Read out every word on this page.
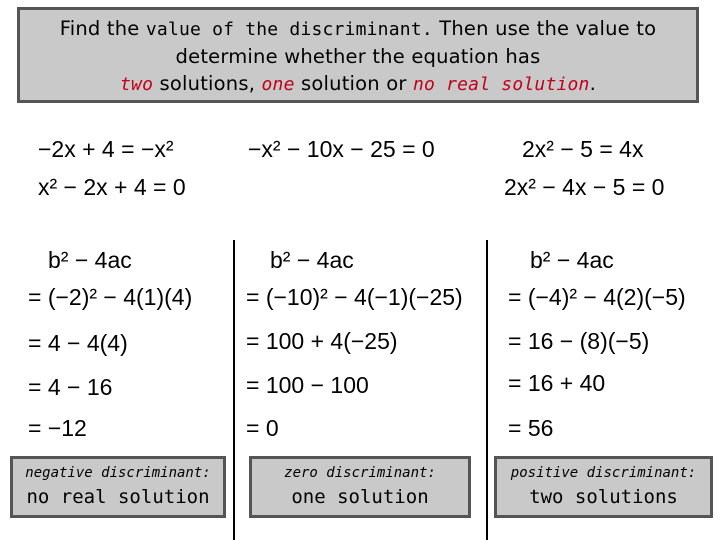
Find the value of the discriminant. Then use the value to
determine whether the equation has
two solutions, one solution or no real solution.
−2x + 4 = −x²
x² − 2x + 4 = 0
b² − 4ac
= (−2)² − 4(1)(4)
= 4 − 4(4)
= 4 − 16
= −12
−x² − 10x − 25 = 0
b² − 4ac
= (−10)² − 4(−1)(−25)
= 100 + 4(−25)
= 100 − 100
= 0
2x² − 5 = 4x
2x² − 4x − 5 = 0
b² − 4ac
= (−4)² − 4(2)(−5)
= 16 − (8)(−5)
= 16 + 40
= 56
negative discriminant:
no real solution
zero discriminant:
one solution
positive discriminant:
two solutions
